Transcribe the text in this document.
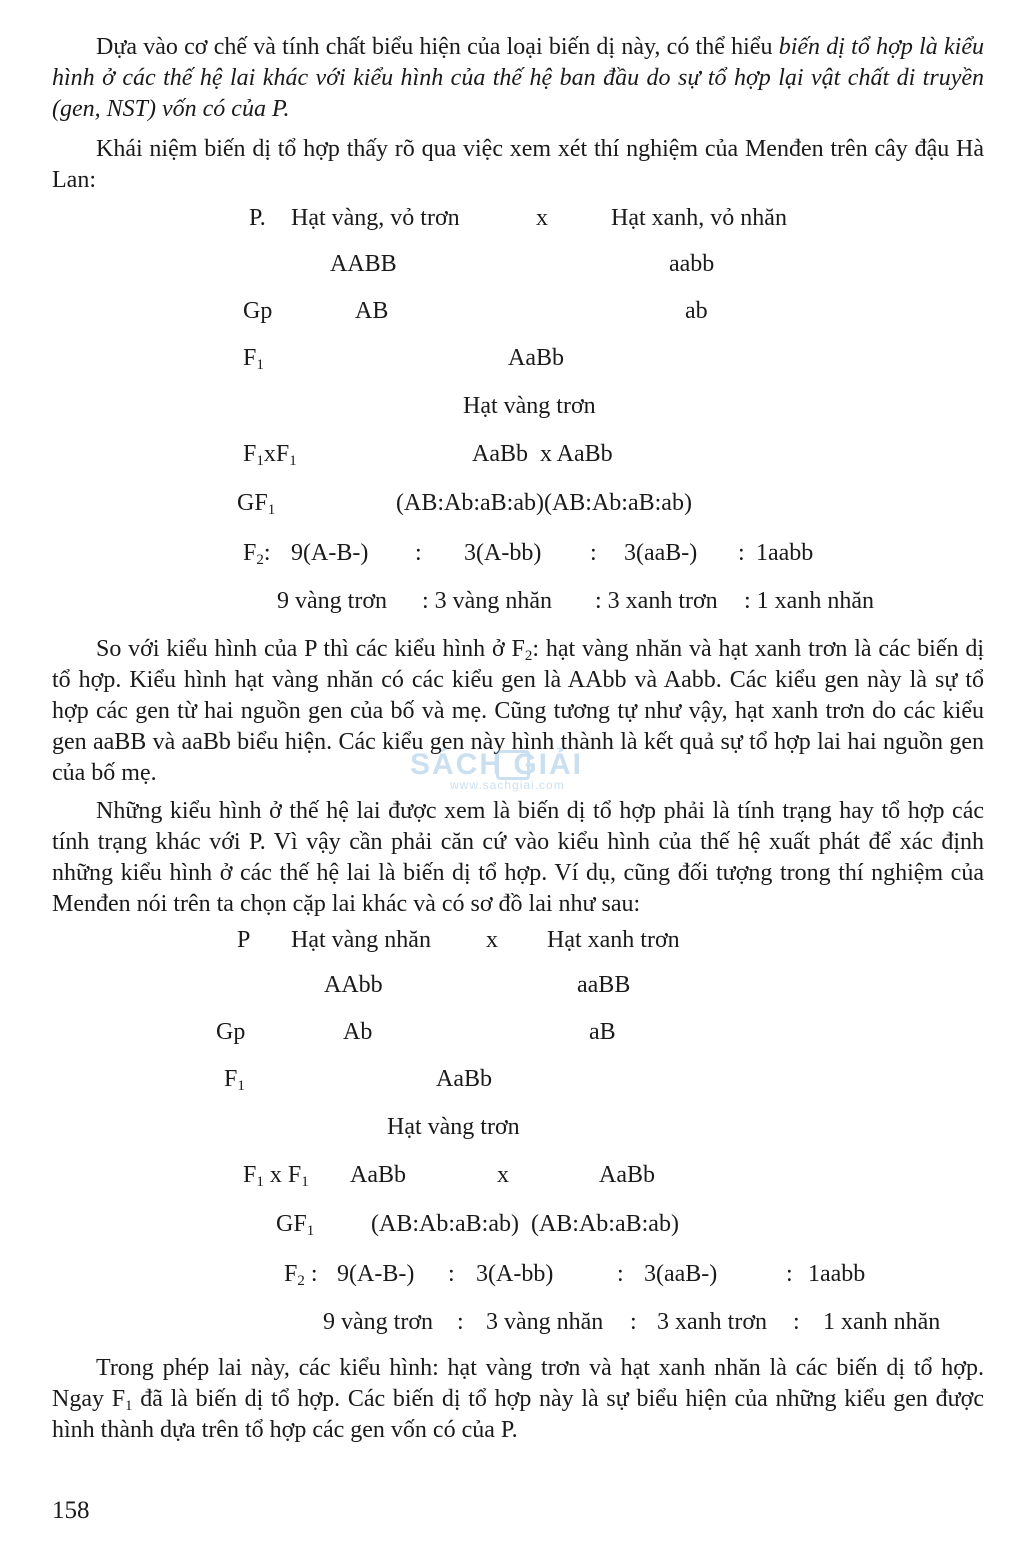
Dựa vào cơ chế và tính chất biểu hiện của loại biến dị này, có thể hiểu biến dị tổ hợp là kiểu hình ở các thế hệ lai khác với kiểu hình của thế hệ ban đầu do sự tổ hợp lại vật chất di truyền (gen, NST) vốn có của P.

Khái niệm biến dị tổ hợp thấy rõ qua việc xem xét thí nghiệm của Menđen trên cây đậu Hà Lan:

P. Hạt vàng, vỏ trơn	x	Hạt xanh, vỏ nhăn
AABB	aabb
Gp	AB	ab
$F_1$	AaBb
Hạt vàng trơn
$F_1xF_1$	AaBb  x AaBb
$GF_1$	(AB:Ab:aB:ab)(AB:Ab:aB:ab)
$F_2$: 9(A-B-) : 3(A-bb) : 3(aaB-) : 1aabb
9 vàng trơn : 3 vàng nhăn : 3 xanh trơn : 1 xanh nhăn

So với kiểu hình của P thì các kiểu hình ở $F_2$: hạt vàng nhăn và hạt xanh trơn là các biến dị tổ hợp. Kiểu hình hạt vàng nhăn có các kiểu gen là AAbb và Aabb. Các kiểu gen này là sự tổ hợp các gen từ hai nguồn gen của bố và mẹ. Cũng tương tự như vậy, hạt xanh trơn do các kiểu gen aaBB và aaBb biểu hiện. Các kiểu gen này hình thành là kết quả sự tổ hợp lai hai nguồn gen của bố mẹ.	SÁCH GIẢI
www.sachgiai.com

Những kiểu hình ở thế hệ lai được xem là biến dị tổ hợp phải là tính trạng hay tổ hợp các tính trạng khác với P. Vì vậy cần phải căn cứ vào kiểu hình của thế hệ xuất phát để xác định những kiểu hình ở các thế hệ lai là biến dị tổ hợp. Ví dụ, cũng đối tượng trong thí nghiệm của Menđen nói trên ta chọn cặp lai khác và có sơ đồ lai như sau:

P Hạt vàng nhăn x Hạt xanh trơn
AAbb	aaBB
Gp	Ab	aB
$F_1$	AaBb
Hạt vàng trơn
$F_1$ x $F_1$ AaBb	x	AaBb
$GF_1$ (AB:Ab:aB:ab)  (AB:Ab:aB:ab)
$F_2$ : 9(A-B-) : 3(A-bb)	: 3(aaB-)	: 1aabb
9 vàng trơn : 3 vàng nhăn : 3 xanh trơn : 1 xanh nhăn

Trong phép lai này, các kiểu hình: hạt vàng trơn và hạt xanh nhăn là các biến dị tổ hợp. Ngay $F_1$ đã là biến dị tổ hợp. Các biến dị tổ hợp này là sự biểu hiện của những kiểu gen được hình thành dựa trên tổ hợp các gen vốn có của P.

158
